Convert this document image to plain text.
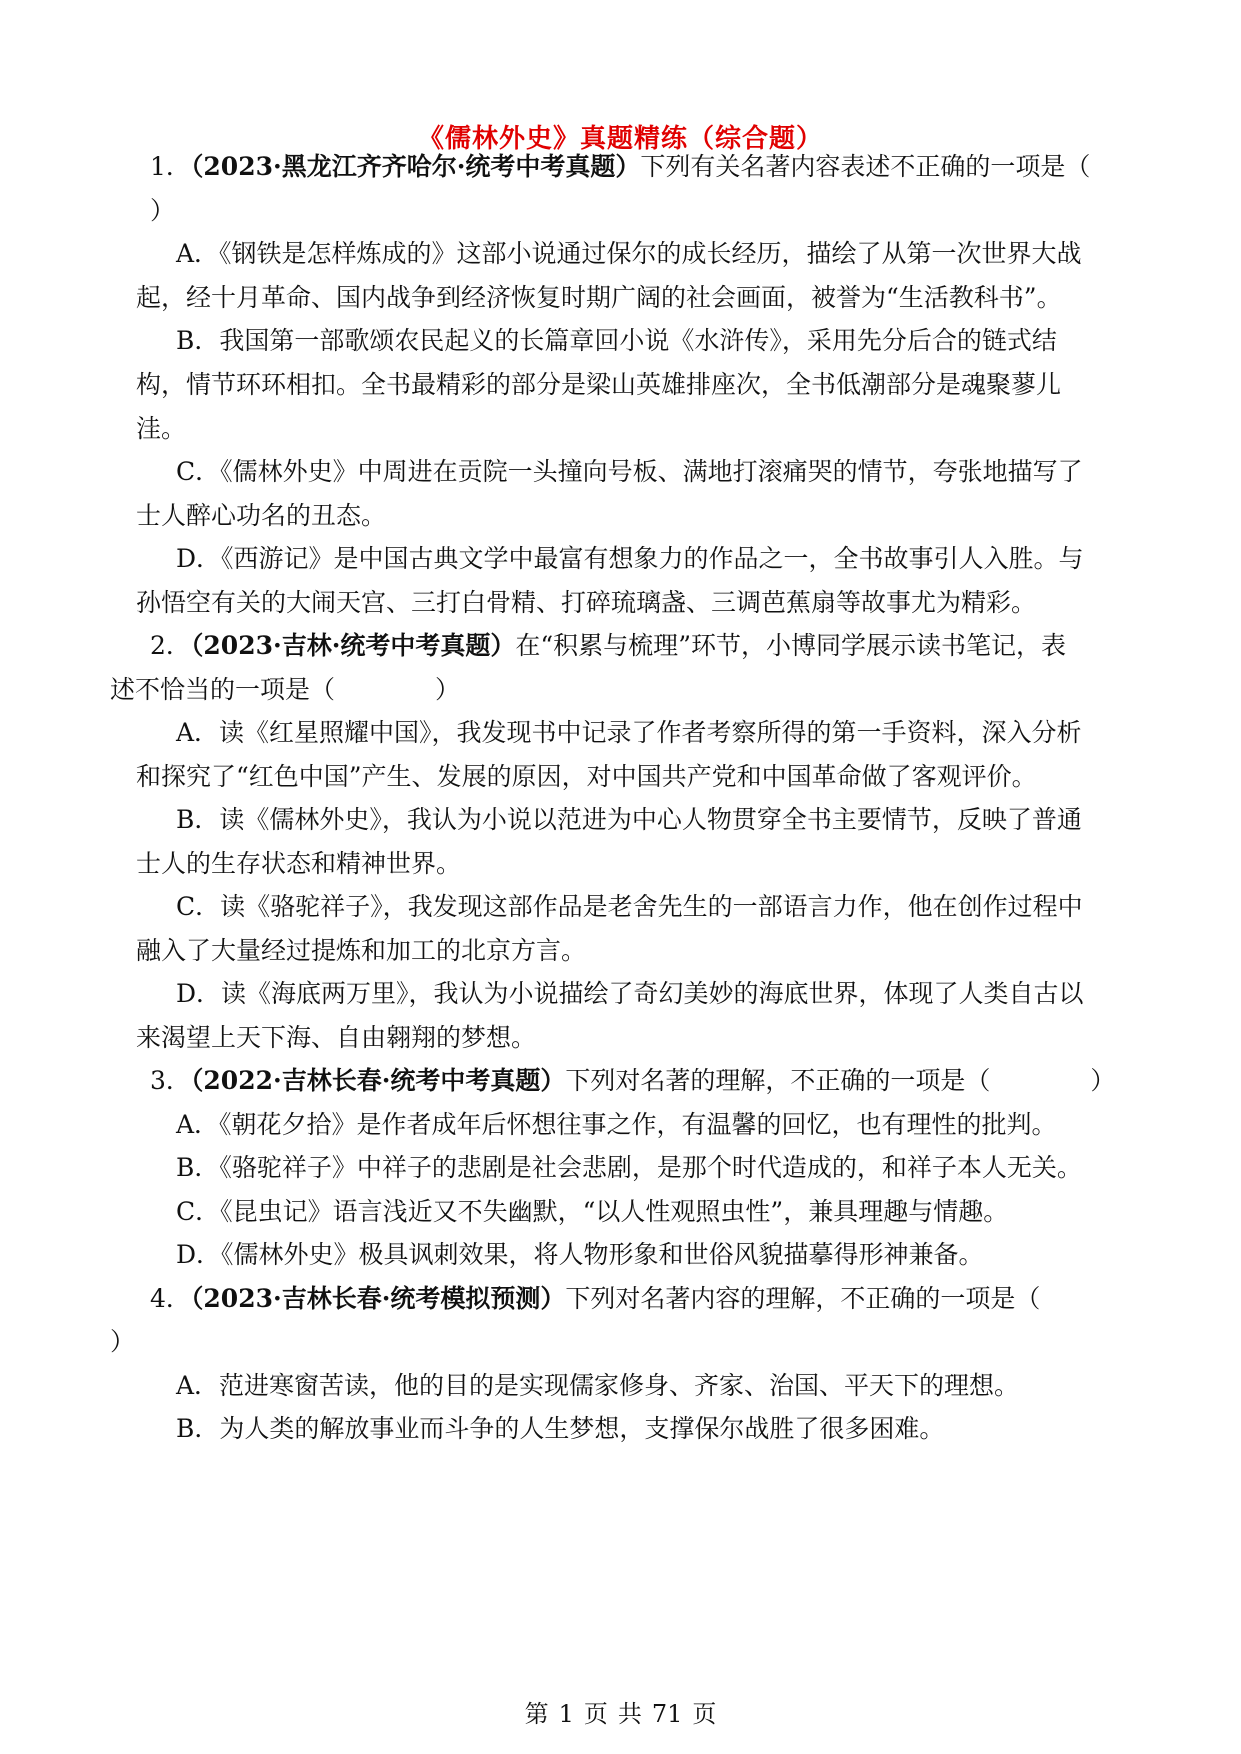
《儒林外史》真题精练（综合题）
1．（2023·黑龙江齐齐哈尔·统考中考真题）下列有关名著内容表述不正确的一项是（
）
A．《钢铁是怎样炼成的》这部小说通过保尔的成长经历，描绘了从第一次世界大战
起，经十月革命、国内战争到经济恢复时期广阔的社会画面，被誉为“生活教科书”。
B．我国第一部歌颂农民起义的长篇章回小说《水浒传》，采用先分后合的链式结
构，情节环环相扣。全书最精彩的部分是梁山英雄排座次，全书低潮部分是魂聚蓼儿
洼。
C．《儒林外史》中周进在贡院一头撞向号板、满地打滚痛哭的情节，夸张地描写了
士人醉心功名的丑态。
D．《西游记》是中国古典文学中最富有想象力的作品之一，全书故事引人入胜。与
孙悟空有关的大闹天宫、三打白骨精、打碎琉璃盏、三调芭蕉扇等故事尤为精彩。
2．（2023·吉林·统考中考真题）在“积累与梳理”环节，小博同学展示读书笔记，表
述不恰当的一项是（　　　　）
A．读《红星照耀中国》，我发现书中记录了作者考察所得的第一手资料，深入分析
和探究了“红色中国”产生、发展的原因，对中国共产党和中国革命做了客观评价。
B．读《儒林外史》，我认为小说以范进为中心人物贯穿全书主要情节，反映了普通
士人的生存状态和精神世界。
C．读《骆驼祥子》，我发现这部作品是老舍先生的一部语言力作，他在创作过程中
融入了大量经过提炼和加工的北京方言。
D．读《海底两万里》，我认为小说描绘了奇幻美妙的海底世界，体现了人类自古以
来渴望上天下海、自由翱翔的梦想。
3．（2022·吉林长春·统考中考真题）下列对名著的理解，不正确的一项是（　　　　）
A．《朝花夕拾》是作者成年后怀想往事之作，有温馨的回忆，也有理性的批判。
B．《骆驼祥子》中祥子的悲剧是社会悲剧，是那个时代造成的，和祥子本人无关。
C．《昆虫记》语言浅近又不失幽默，“以人性观照虫性”，兼具理趣与情趣。
D．《儒林外史》极具讽刺效果，将人物形象和世俗风貌描摹得形神兼备。
4．（2023·吉林长春·统考模拟预测）下列对名著内容的理解，不正确的一项是（
）
A．范进寒窗苦读，他的目的是实现儒家修身、齐家、治国、平天下的理想。
B．为人类的解放事业而斗争的人生梦想，支撑保尔战胜了很多困难。
第 1 页 共 71 页
